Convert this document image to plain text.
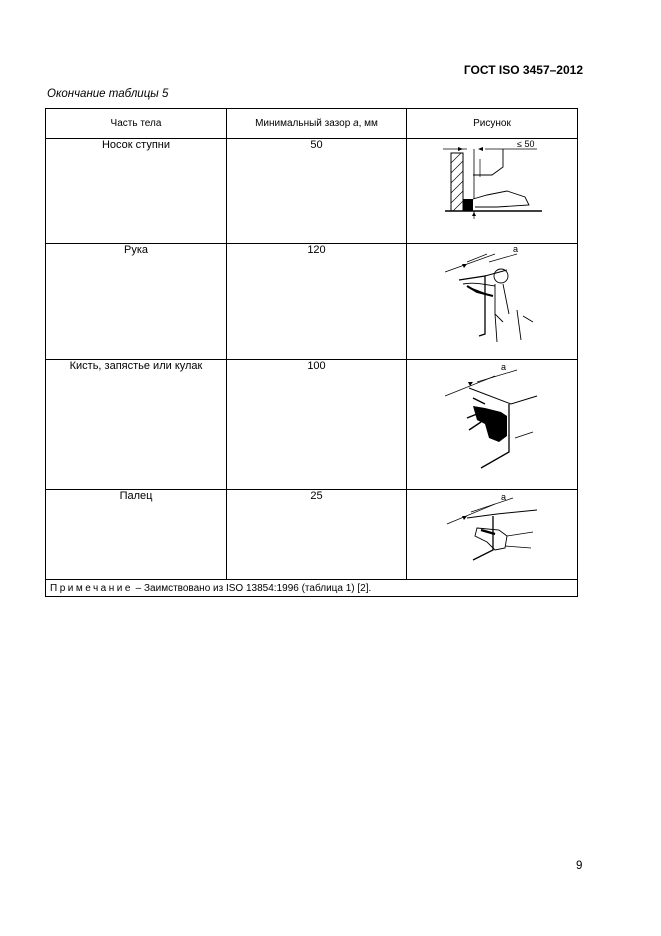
ГОСТ ISO 3457–2012
Окончание таблицы 5
Часть тела	Минимальный зазор а, мм	Рисунок
Носок ступни	50	≤ 50

Рука	120	a

Кисть, запястье или кулак	100	a

Палец	25	a

Примечание – Заимствовано из ISO 13854:1996 (таблица 1) [2].		
9
